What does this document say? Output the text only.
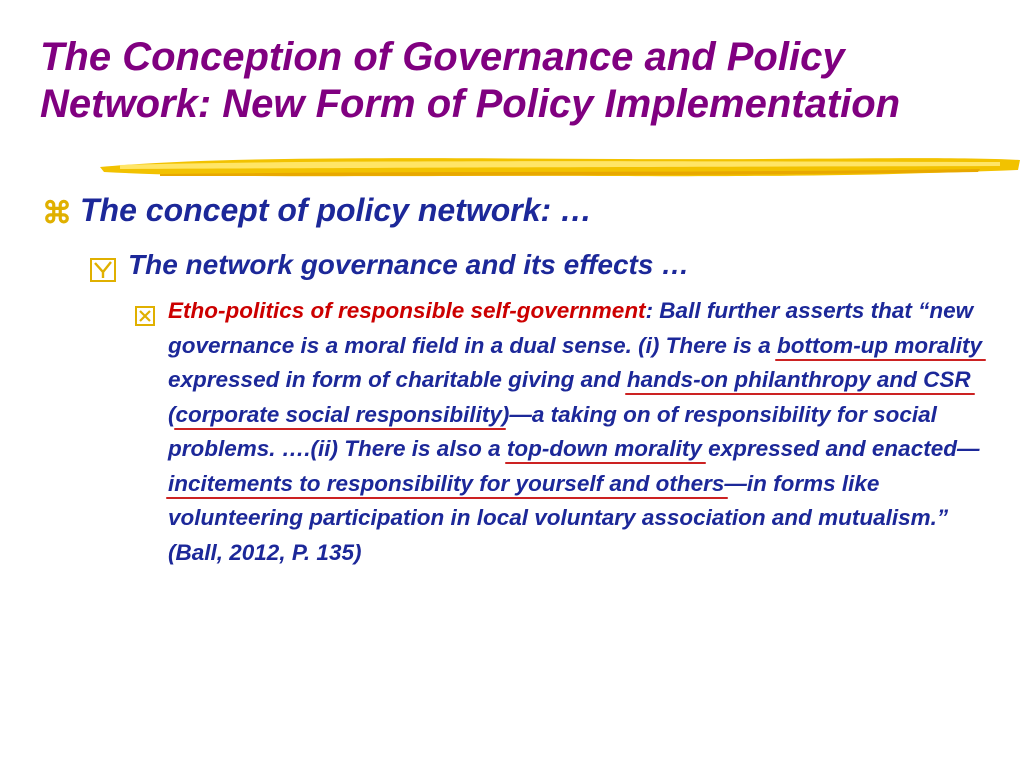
The Conception of Governance and Policy
Network: New Form of Policy Implementation
⌘ The concept of policy network: …
The network governance and its effects …
Etho-politics of responsible self-government: Ball further asserts that “new governance is a moral field in a dual sense. (i) There is a bottom-up morality expressed in form of charitable giving and hands-on philanthropy and CSR (corporate social responsibility)—a taking on of responsibility for social problems. ….(ii) There is also a top-down morality expressed and enacted—incitements to responsibility for yourself and others—in forms like volunteering participation in local voluntary association and mutualism.” (Ball, 2012, P. 135)
